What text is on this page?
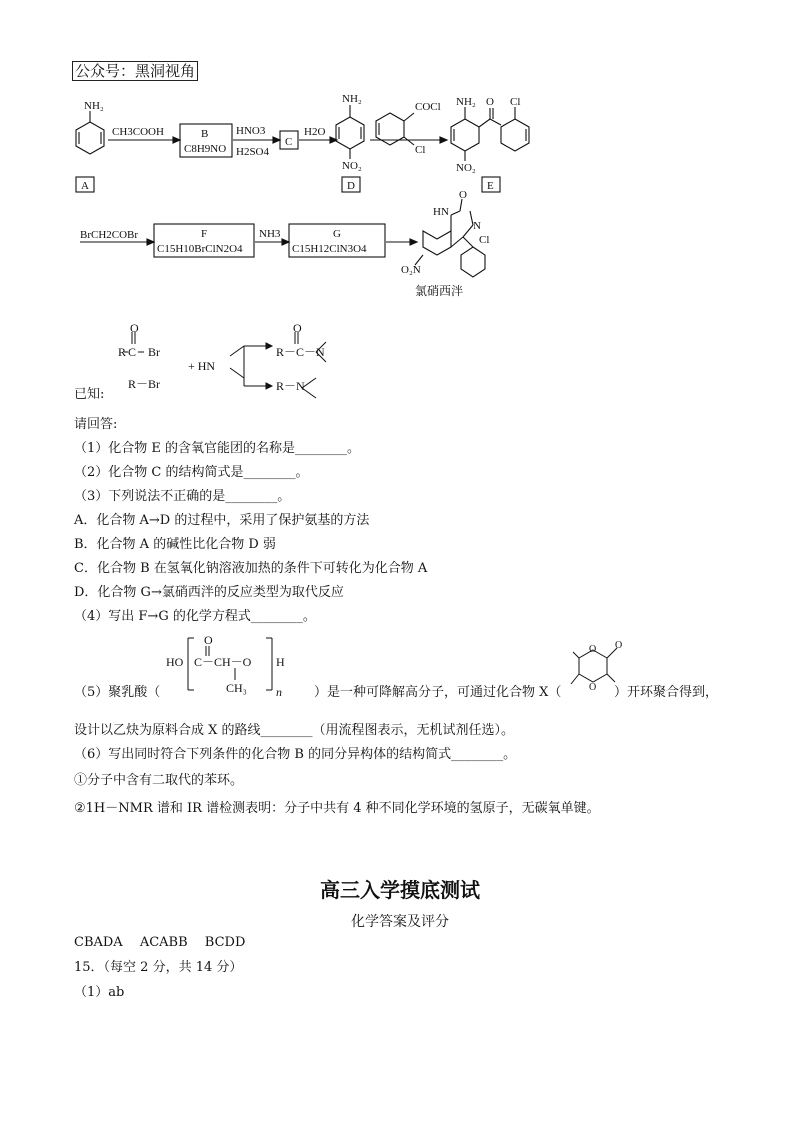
公众号：黑洞视角
NH₂
CH3COOH	B
C8H9NO
HNO3
H2SO4
C
H2O
NH₂
NO₂
COCl
Cl
NH₂ O Cl
NO₂
A	D	E
BrCH2COBr	F
C15H10BrClN2O4
NH3	G
C15H12ClN3O4
HN
O
N
Cl
O₂N
氯硝西泮
O
R C Br
R－Br
+ HN
O
R－C－N
R－N
已知:
请回答:
（1）化合物 E 的含氧官能团的名称是________。
（2）化合物 C 的结构简式是________。
（3）下列说法不正确的是________。
A．化合物 A→D 的过程中，采用了保护氨基的方法
B．化合物 A 的碱性比化合物 D 弱
C．化合物 B 在氢氧化钠溶液加热的条件下可转化为化合物 A
D．化合物 G→氯硝西泮的反应类型为取代反应
（4）写出 F→G 的化学方程式________。
（5）聚乳酸（
O
HO C－CH－O H
CH₃ n ）是一种可降解高分子，可通过化合物 X（
O
O
O ）开环聚合得到，
设计以乙炔为原料合成 X 的路线________（用流程图表示，无机试剂任选）。
（6）写出同时符合下列条件的化合物 B 的同分异构体的结构简式________。
①分子中含有二取代的苯环。
②1H－NMR 谱和 IR 谱检测表明：分子中共有 4 种不同化学环境的氢原子，无碳氧单键。
高三入学摸底测试
化学答案及评分
CBADA　 ACABB　 BCDD
15．（每空 2 分，共 14 分）
（1）ab
